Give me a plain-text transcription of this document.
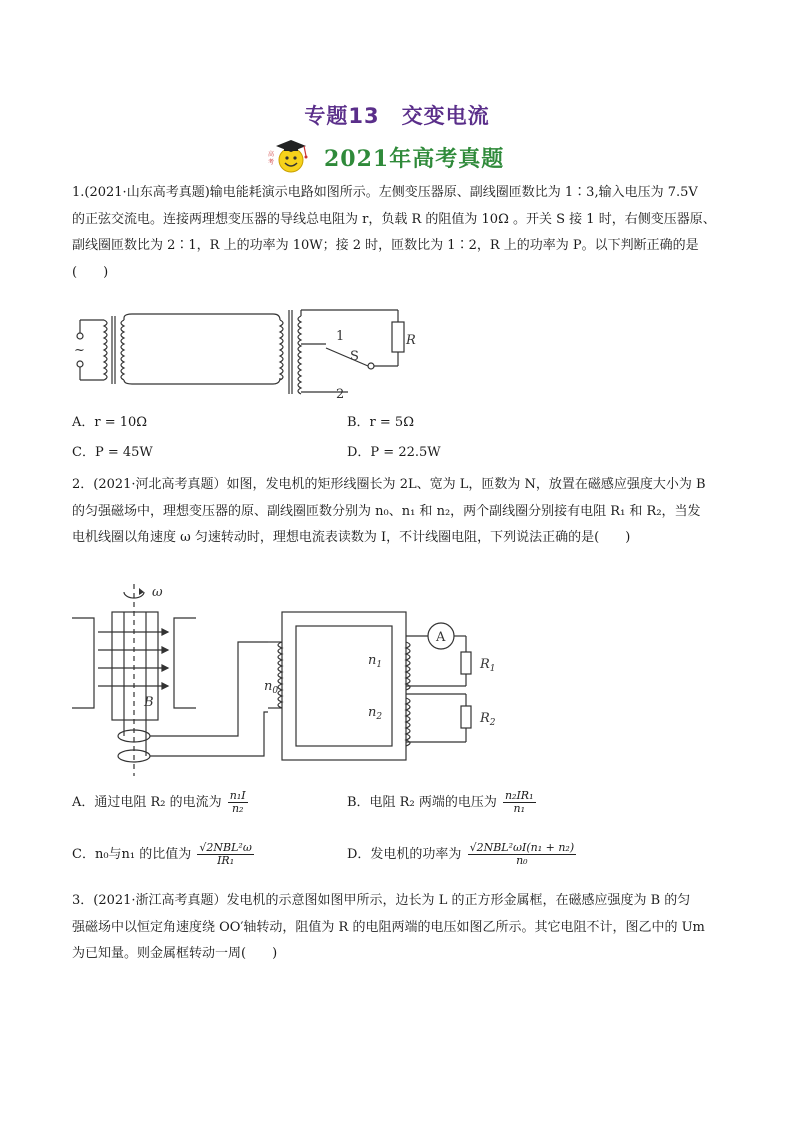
专题13　交变电流
高
考 2021年高考真题
1.(2021·山东高考真题)输电能耗演示电路如图所示。左侧变压器原、副线圈匝数比为 1∶3,输入电压为 7.5V
的正弦交流电。连接两理想变压器的导线总电阻为 r，负载 R 的阻值为 10Ω 。开关 S 接 1 时，右侧变压器原、
副线圈匝数比为 2∶1，R 上的功率为 10W；接 2 时，匝数比为 1∶2，R 上的功率为 P。以下判断正确的是
(　　)
~
1
S
2
R
A．r = 10Ω	B．r = 5Ω
C．P = 45W	D．P = 22.5W
2．(2021·河北高考真题）如图，发电机的矩形线圈长为 2L、宽为 L，匝数为 N，放置在磁感应强度大小为 B
的匀强磁场中，理想变压器的原、副线圈匝数分别为 n₀、n₁ 和 n₂，两个副线圈分别接有电阻 R₁ 和 R₂，当发
电机线圈以角速度 ω 匀速转动时，理想电流表读数为 I，不计线圈电阻，下列说法正确的是(　　)
ω
B
$n_0$
$n_1$
$n_2$
A
$R_1$
$R_2$
A．通过电阻 R₂ 的电流为 $\frac{\text{n₁I}}{\text{n₂}}$	B．电阻 R₂ 两端的电压为 $\frac{\text{n₂IR₁}}{\text{n₁}}$
C．n₀与n₁ 的比值为 $\frac{\text{√2NBL²ω}}{\text{IR₁}}$	D．发电机的功率为 $\frac{\text{√2NBL²ωI(n₁ + n₂)}}{\text{n₀}}$
3．(2021·浙江高考真题）发电机的示意图如图甲所示，边长为 L 的正方形金属框，在磁感应强度为 B 的匀
强磁场中以恒定角速度绕 OO′轴转动，阻值为 R 的电阻两端的电压如图乙所示。其它电阻不计，图乙中的 Um
为已知量。则金属框转动一周(　　)
